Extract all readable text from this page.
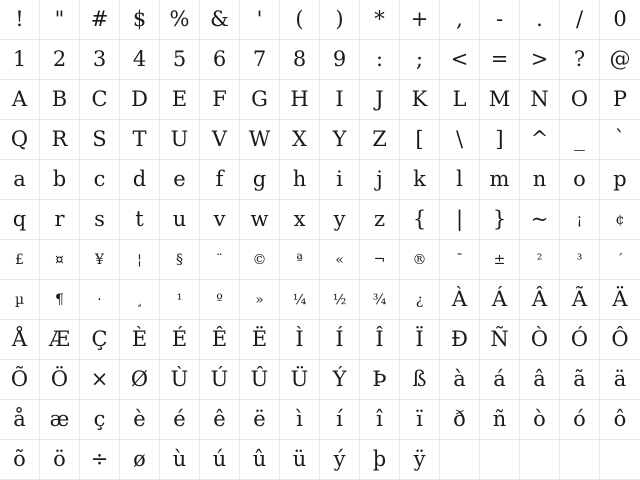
! " # $ % & ' ( ) * + , - . / 0
1 2 3 4 5 6 7 8 9 : ; < = > ? @
A B C D E F G H I J K L M N O P
Q R S T U V W X Y Z [ \ ] ^ _ `
a b c d e f g h i j k l m n o p
q r s t u v w x y z { | } ~ ¡ ¢
£ ¤ ¥ ¦ § ¨ © ª « ¬ ® ¯ ± ² ³ ´
µ ¶ · ¸ ¹ º » ¼ ½ ¾ ¿ À Á Â Ã Ä
Å Æ Ç È É Ê Ë Ì Í Î Ï Ð Ñ Ò Ó Ô
Õ Ö × Ø Ù Ú Û Ü Ý Þ ß à á â ã ä
å æ ç è é ê ë ì í î ï ð ñ ò ó ô
õ ö ÷ ø ù ú û ü ý þ ÿ
